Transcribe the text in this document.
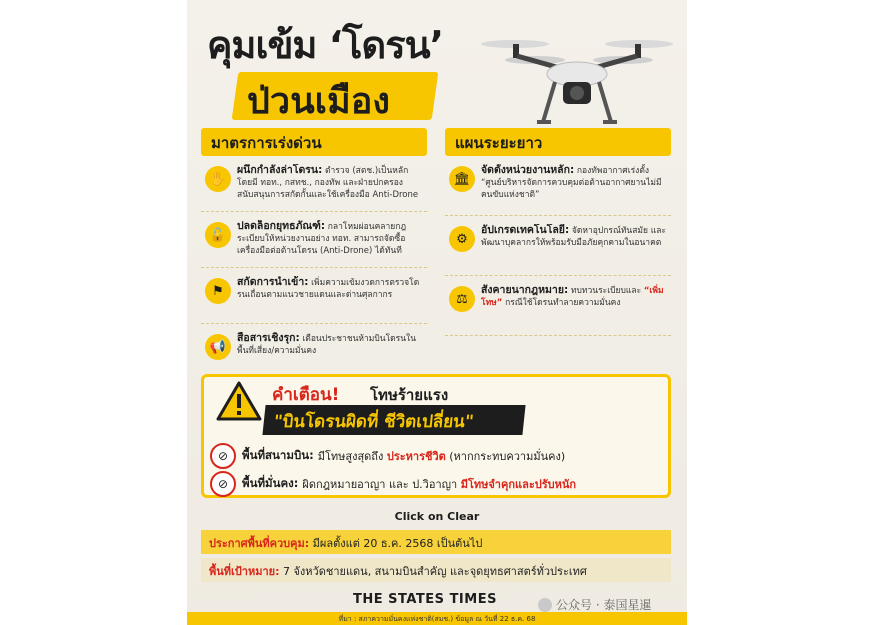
คุมเข้ม ‘โดรน’
ป่วนเมือง
มาตรการเร่งด่วน
✋
ผนึกกำลังล่าโดรน: ตำรวจ (สตช.)เป็นหลัก โดยมี ทอท., กสทช., กองทัพ และฝ่ายปกครอง สนับสนุนการสกัดกั้นและใช้เครื่องมือ Anti-Drone
🔓
ปลดล็อกยุทธภัณฑ์: กลาโหมผ่อนคลายกฎระเบียบให้หน่วยงานอย่าง ทอท. สามารถจัดซื้อเครื่องมือต่อต้านโดรน (Anti-Drone) ได้ทันที
⚑
สกัดการนำเข้า: เพิ่มความเข้มงวดการตรวจโดรนเถื่อนตามแนวชายแดนและด่านศุลกากร
📢
สื่อสารเชิงรุก: เตือนประชาชนห้ามบินโดรนในพื้นที่เสี่ยง/ความมั่นคง
แผนระยะยาว
🏛
จัดตั้งหน่วยงานหลัก: กองทัพอากาศเร่งตั้ง “ศูนย์บริหารจัดการควบคุมต่อต้านอากาศยานไม่มีคนขับแห่งชาติ”
⚙
อัปเกรดเทคโนโลยี: จัดหาอุปกรณ์ทันสมัย และพัฒนาบุคลากรให้พร้อมรับมือภัยคุกคามในอนาคต
⚖
สังคายนากฎหมาย: ทบทวนระเบียบและ “เพิ่มโทษ” กรณีใช้โดรนทำลายความมั่นคง
คำเตือน! โทษร้ายแรง
"บินโดรนผิดที่ ชีวิตเปลี่ยน"
⊘	พื้นที่สนามบิน: มีโทษสูงสุดถึง
ประหารชีวิต
(หากกระทบความมั่นคง)
⊘	พื้นที่มั่นคง: ผิดกฎหมายอาญา และ ป.วิอาญา
มีโทษจำคุกและปรับหนัก
Click on Clear
ประกาศพื้นที่ควบคุม: มีผลตั้งแต่ 20 ธ.ค. 2568 เป็นต้นไป
พื้นที่เป้าหมาย: 7 จังหวัดชายแดน, สนามบินสำคัญ และจุดยุทธศาสตร์ทั่วประเทศ
THE STATES TIMES
ที่มา : สภาความมั่นคงแห่งชาติ(สมช.) ข้อมูล ณ วันที่ 22 ธ.ค. 68
公众号 · 泰国星暹
